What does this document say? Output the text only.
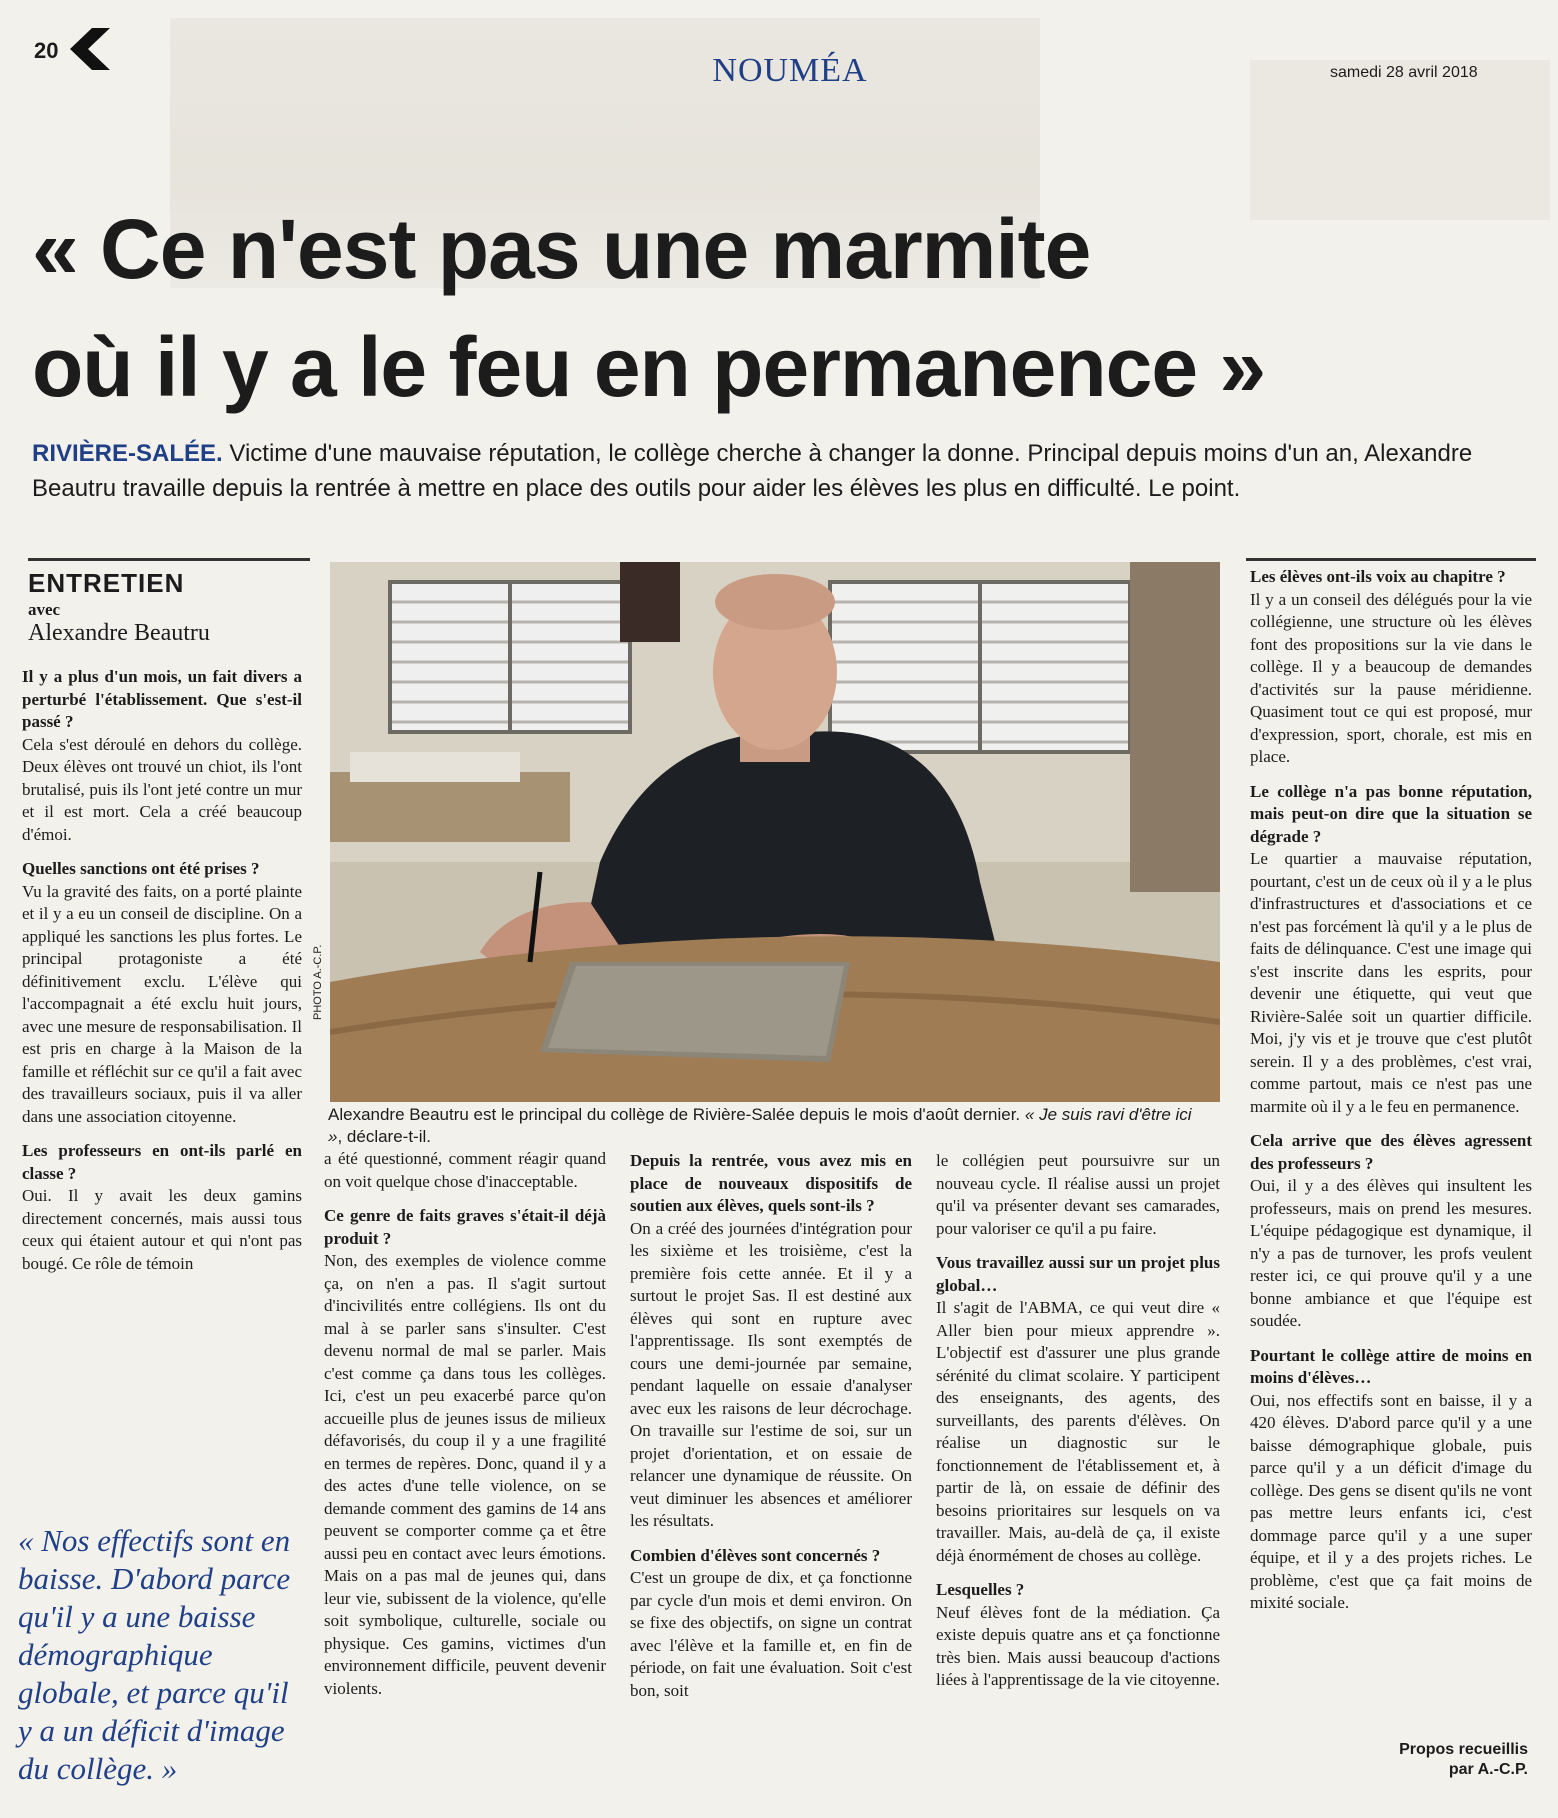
20
NOUMÉA	samedi 28 avril 2018
« Ce n'est pas une marmite
où il y a le feu en permanence »
RIVIÈRE-SALÉE. Victime d'une mauvaise réputation, le collège cherche à changer la donne. Principal depuis moins d'un an, Alexandre Beautru travaille depuis la rentrée à mettre en place des outils pour aider les élèves les plus en difficulté. Le point.
ENTRETIEN
avec
Alexandre Beautru
Il y a plus d'un mois, un fait divers a perturbé l'établissement. Que s'est-il passé ?
Cela s'est déroulé en dehors du collège. Deux élèves ont trouvé un chiot, ils l'ont brutalisé, puis ils l'ont jeté contre un mur et il est mort. Cela a créé beaucoup d'émoi.
Quelles sanctions ont été prises ?
Vu la gravité des faits, on a porté plainte et il y a eu un conseil de discipline. On a appliqué les sanctions les plus fortes. Le principal protagoniste a été définitivement exclu. L'élève qui l'accompagnait a été exclu huit jours, avec une mesure de responsabilisation. Il est pris en charge à la Maison de la famille et réfléchit sur ce qu'il a fait avec des travailleurs sociaux, puis il va aller dans une association citoyenne.
Les professeurs en ont-ils parlé en classe ?
Oui. Il y avait les deux gamins directement concernés, mais aussi tous ceux qui étaient autour et qui n'ont pas bougé. Ce rôle de témoin
a été questionné, comment réagir quand on voit quelque chose d'inacceptable.
Ce genre de faits graves s'était-il déjà produit ?
Non, des exemples de violence comme ça, on n'en a pas. Il s'agit surtout d'incivilités entre collégiens. Ils ont du mal à se parler sans s'insulter. C'est devenu normal de mal se parler. Mais c'est comme ça dans tous les collèges. Ici, c'est un peu exacerbé parce qu'on accueille plus de jeunes issus de milieux défavorisés, du coup il y a une fragilité en termes de repères. Donc, quand il y a des actes d'une telle violence, on se demande comment des gamins de 14 ans peuvent se comporter comme ça et être aussi peu en contact avec leurs émotions. Mais on a pas mal de jeunes qui, dans leur vie, subissent de la violence, qu'elle soit symbolique, culturelle, sociale ou physique. Ces gamins, victimes d'un environnement difficile, peuvent devenir violents.
Depuis la rentrée, vous avez mis en place de nouveaux dispositifs de soutien aux élèves, quels sont-ils ?
On a créé des journées d'intégration pour les sixième et les troisième, c'est la première fois cette année. Et il y a surtout le projet Sas. Il est destiné aux élèves qui sont en rupture avec l'apprentissage. Ils sont exemptés de cours une demi-journée par semaine, pendant laquelle on essaie d'analyser avec eux les raisons de leur décrochage. On travaille sur l'estime de soi, sur un projet d'orientation, et on essaie de relancer une dynamique de réussite. On veut diminuer les absences et améliorer les résultats.
Combien d'élèves sont concernés ?
C'est un groupe de dix, et ça fonctionne par cycle d'un mois et demi environ. On se fixe des objectifs, on signe un contrat avec l'élève et la famille et, en fin de période, on fait une évaluation. Soit c'est bon, soit
le collégien peut poursuivre sur un nouveau cycle. Il réalise aussi un projet qu'il va présenter devant ses camarades, pour valoriser ce qu'il a pu faire.
Vous travaillez aussi sur un projet plus global…
Il s'agit de l'ABMA, ce qui veut dire « Aller bien pour mieux apprendre ». L'objectif est d'assurer une plus grande sérénité du climat scolaire. Y participent des enseignants, des agents, des surveillants, des parents d'élèves. On réalise un diagnostic sur le fonctionnement de l'établissement et, à partir de là, on essaie de définir des besoins prioritaires sur lesquels on va travailler. Mais, au-delà de ça, il existe déjà énormément de choses au collège.
Lesquelles ?
Neuf élèves font de la médiation. Ça existe depuis quatre ans et ça fonctionne très bien. Mais aussi beaucoup d'actions liées à l'apprentissage de la vie citoyenne.
Les élèves ont-ils voix au chapitre ?
Il y a un conseil des délégués pour la vie collégienne, une structure où les élèves font des propositions sur la vie dans le collège. Il y a beaucoup de demandes d'activités sur la pause méridienne. Quasiment tout ce qui est proposé, mur d'expression, sport, chorale, est mis en place.
Le collège n'a pas bonne réputation, mais peut-on dire que la situation se dégrade ?
Le quartier a mauvaise réputation, pourtant, c'est un de ceux où il y a le plus d'infrastructures et d'associations et ce n'est pas forcément là qu'il y a le plus de faits de délinquance. C'est une image qui s'est inscrite dans les esprits, pour devenir une étiquette, qui veut que Rivière-Salée soit un quartier difficile. Moi, j'y vis et je trouve que c'est plutôt serein. Il y a des problèmes, c'est vrai, comme partout, mais ce n'est pas une marmite où il y a le feu en permanence.
Cela arrive que des élèves agressent des professeurs ?
Oui, il y a des élèves qui insultent les professeurs, mais on prend les mesures. L'équipe pédagogique est dynamique, il n'y a pas de turnover, les profs veulent rester ici, ce qui prouve qu'il y a une bonne ambiance et que l'équipe est soudée.
Pourtant le collège attire de moins en moins d'élèves…
Oui, nos effectifs sont en baisse, il y a 420 élèves. D'abord parce qu'il y a une baisse démographique globale, puis parce qu'il y a un déficit d'image du collège. Des gens se disent qu'ils ne vont pas mettre leurs enfants ici, c'est dommage parce qu'il y a une super équipe, et il y a des projets riches. Le problème, c'est que ça fait moins de mixité sociale.
PHOTO A.-C.P.
Alexandre Beautru est le principal du collège de Rivière-Salée depuis le mois d'août dernier. « Je suis ravi d'être ici », déclare-t-il.
« Nos effectifs sont en baisse. D'abord parce qu'il y a une baisse démographique globale, et parce qu'il y a un déficit d'image du collège. »
Propos recueillis
par A.-C.P.
